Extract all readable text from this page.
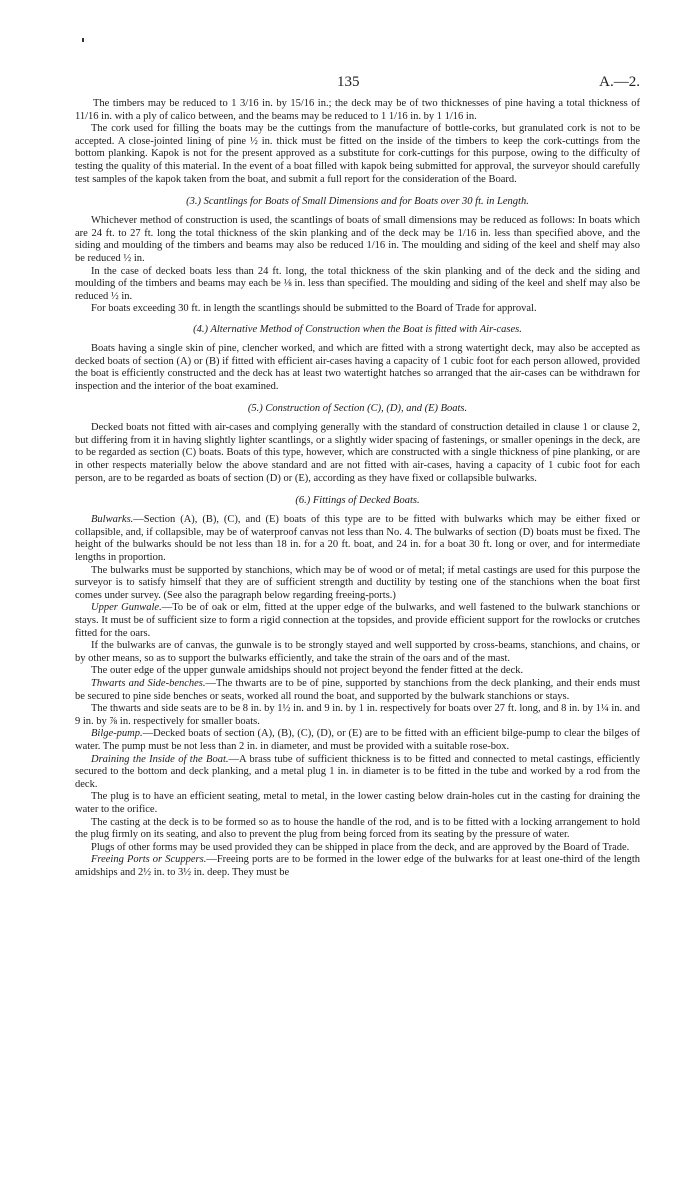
135	A.—2.

The timbers may be reduced to 1 3/16 in. by 15/16 in.; the deck may be of two thicknesses of pine having a total thickness of 11/16 in. with a ply of calico between, and the beams may be reduced to 1 1/16 in. by 1 1/16 in.

The cork used for filling the boats may be the cuttings from the manufacture of bottle-corks, but granulated cork is not to be accepted. A close-jointed lining of pine ½ in. thick must be fitted on the inside of the timbers to keep the cork-cuttings from the bottom planking. Kapok is not for the present approved as a substitute for cork-cuttings for this purpose, owing to the difficulty of testing the quality of this material. In the event of a boat filled with kapok being submitted for approval, the surveyor should carefully test samples of the kapok taken from the boat, and submit a full report for the consideration of the Board.

(3.) Scantlings for Boats of Small Dimensions and for Boats over 30 ft. in Length.

Whichever method of construction is used, the scantlings of boats of small dimensions may be reduced as follows: In boats which are 24 ft. to 27 ft. long the total thickness of the skin planking and of the deck may be 1/16 in. less than specified above, and the siding and moulding of the timbers and beams may also be reduced 1/16 in. The moulding and siding of the keel and shelf may also be reduced ½ in.

In the case of decked boats less than 24 ft. long, the total thickness of the skin planking and of the deck and the siding and moulding of the timbers and beams may each be ⅛ in. less than specified. The moulding and siding of the keel and shelf may also be reduced ½ in.

For boats exceeding 30 ft. in length the scantlings should be submitted to the Board of Trade for approval.

(4.) Alternative Method of Construction when the Boat is fitted with Air-cases.

Boats having a single skin of pine, clencher worked, and which are fitted with a strong watertight deck, may also be accepted as decked boats of section (A) or (B) if fitted with efficient air-cases having a capacity of 1 cubic foot for each person allowed, provided the boat is efficiently constructed and the deck has at least two watertight hatches so arranged that the air-cases can be withdrawn for inspection and the interior of the boat examined.

(5.) Construction of Section (C), (D), and (E) Boats.

Decked boats not fitted with air-cases and complying generally with the standard of construction detailed in clause 1 or clause 2, but differing from it in having slightly lighter scantlings, or a slightly wider spacing of fastenings, or smaller openings in the deck, are to be regarded as section (C) boats. Boats of this type, however, which are constructed with a single thickness of pine planking, or are in other respects materially below the above standard and are not fitted with air-cases, having a capacity of 1 cubic foot for each person, are to be regarded as boats of section (D) or (E), according as they have fixed or collapsible bulwarks.

(6.) Fittings of Decked Boats.

Bulwarks.—Section (A), (B), (C), and (E) boats of this type are to be fitted with bulwarks which may be either fixed or collapsible, and, if collapsible, may be of waterproof canvas not less than No. 4. The bulwarks of section (D) boats must be fixed. The height of the bulwarks should be not less than 18 in. for a 20 ft. boat, and 24 in. for a boat 30 ft. long or over, and for intermediate lengths in proportion.

The bulwarks must be supported by stanchions, which may be of wood or of metal; if metal castings are used for this purpose the surveyor is to satisfy himself that they are of sufficient strength and ductility by testing one of the stanchions when the boat first comes under survey. (See also the paragraph below regarding freeing-ports.)

Upper Gunwale.—To be of oak or elm, fitted at the upper edge of the bulwarks, and well fastened to the bulwark stanchions or stays. It must be of sufficient size to form a rigid connection at the topsides, and provide efficient support for the rowlocks or crutches fitted for the oars.

If the bulwarks are of canvas, the gunwale is to be strongly stayed and well supported by cross-beams, stanchions, and chains, or by other means, so as to support the bulwarks efficiently, and take the strain of the oars and of the mast.

The outer edge of the upper gunwale amidships should not project beyond the fender fitted at the deck.

Thwarts and Side-benches.—The thwarts are to be of pine, supported by stanchions from the deck planking, and their ends must be secured to pine side benches or seats, worked all round the boat, and supported by the bulwark stanchions or stays.

The thwarts and side seats are to be 8 in. by 1½ in. and 9 in. by 1 in. respectively for boats over 27 ft. long, and 8 in. by 1¼ in. and 9 in. by ⅞ in. respectively for smaller boats.

Bilge-pump.—Decked boats of section (A), (B), (C), (D), or (E) are to be fitted with an efficient bilge-pump to clear the bilges of water. The pump must be not less than 2 in. in diameter, and must be provided with a suitable rose-box.

Draining the Inside of the Boat.—A brass tube of sufficient thickness is to be fitted and connected to metal castings, efficiently secured to the bottom and deck planking, and a metal plug 1 in. in diameter is to be fitted in the tube and worked by a rod from the deck.

The plug is to have an efficient seating, metal to metal, in the lower casting below drain-holes cut in the casting for draining the water to the orifice.

The casting at the deck is to be formed so as to house the handle of the rod, and is to be fitted with a locking arrangement to hold the plug firmly on its seating, and also to prevent the plug from being forced from its seating by the pressure of water.

Plugs of other forms may be used provided they can be shipped in place from the deck, and are approved by the Board of Trade.

Freeing Ports or Scuppers.—Freeing ports are to be formed in the lower edge of the bulwarks for at least one-third of the length amidships and 2½ in. to 3½ in. deep. They must be
